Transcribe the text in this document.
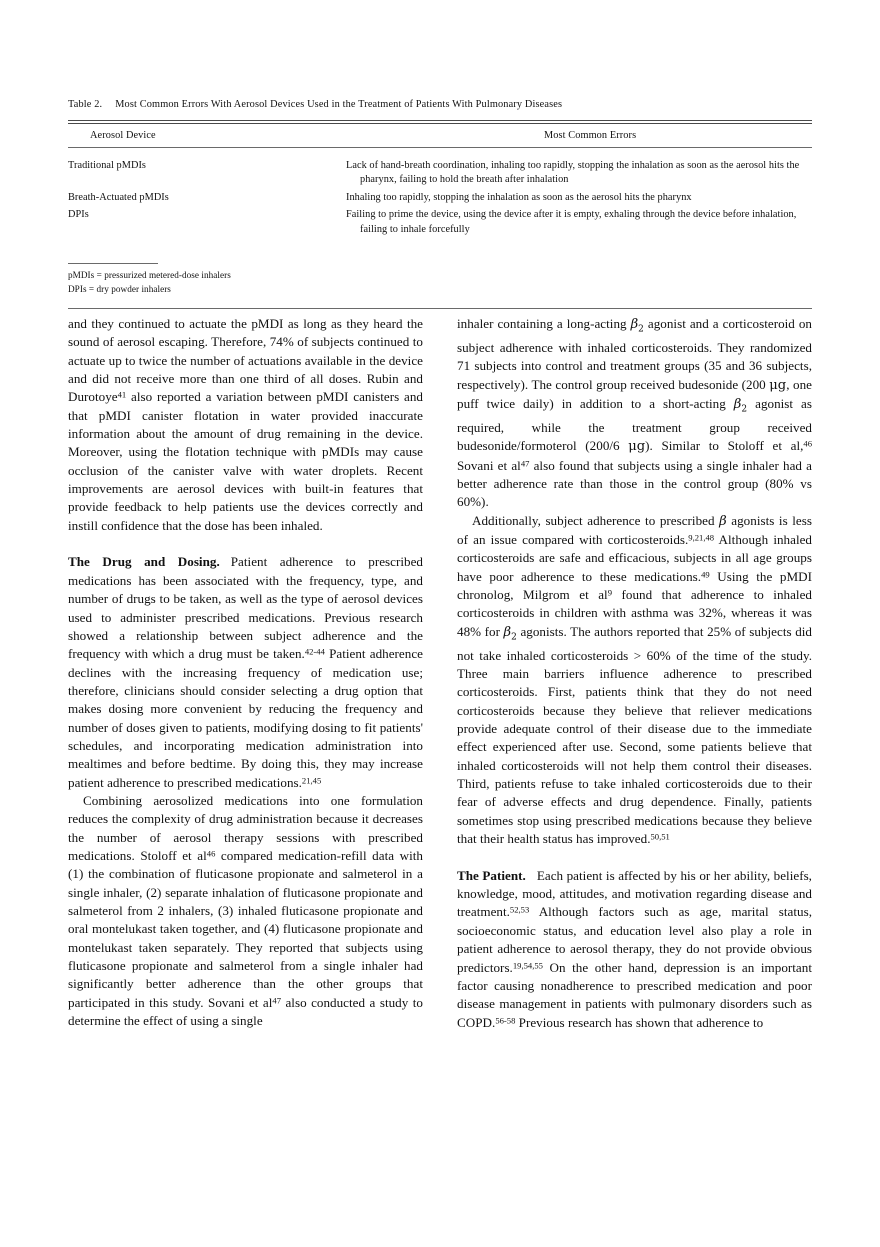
Table 2. Most Common Errors With Aerosol Devices Used in the Treatment of Patients With Pulmonary Diseases
Aerosol Device	Most Common Errors

Traditional pMDIs	Lack of hand-breath coordination, inhaling too rapidly, stopping the inhalation as soon as the aerosol hits the pharynx, failing to hold the breath after inhalation

Breath-Actuated pMDIs	Inhaling too rapidly, stopping the inhalation as soon as the aerosol hits the pharynx

DPIs	Failing to prime the device, using the device after it is empty, exhaling through the device before inhalation, failing to inhale forcefully

pMDIs = pressurized metered-dose inhalers
DPIs = dry powder inhalers

and they continued to actuate the pMDI as long as they heard the sound of aerosol escaping. Therefore, 74% of subjects continued to actuate up to twice the number of actuations available in the device and did not receive more than one third of all doses. Rubin and Durotoye$^{41}$ also reported a variation between pMDI canisters and that pMDI canister flotation in water provided inaccurate information about the amount of drug remaining in the device. Moreover, using the flotation technique with pMDIs may cause occlusion of the canister valve with water droplets. Recent improvements are aerosol devices with built-in features that provide feedback to help patients use the devices correctly and instill confidence that the dose has been inhaled.

The Drug and Dosing. Patient adherence to prescribed medications has been associated with the frequency, type, and number of drugs to be taken, as well as the type of aerosol devices used to administer prescribed medications. Previous research showed a relationship between subject adherence and the frequency with which a drug must be taken.$^{42-44}$ Patient adherence declines with the increasing frequency of medication use; therefore, clinicians should consider selecting a drug option that makes dosing more convenient by reducing the frequency and number of doses given to patients, modifying dosing to fit patients' schedules, and incorporating medication administration into mealtimes and before bedtime. By doing this, they may increase patient adherence to prescribed medications.$^{21,45}$

Combining aerosolized medications into one formulation reduces the complexity of drug administration because it decreases the number of aerosol therapy sessions with prescribed medications. Stoloff et $al^{46}$ compared medication-refill data with (1) the combination of fluticasone propionate and salmeterol in a single inhaler, (2) separate inhalation of fluticasone propionate and salmeterol from 2 inhalers, (3) inhaled fluticasone propionate and oral montelukast taken together, and (4) fluticasone propionate and montelukast taken separately. They reported that subjects using fluticasone propionate and salmeterol from a single inhaler had significantly better adherence than the other groups that participated in this study. Sovani et $al^{47}$ also conducted a study to determine the effect of using a single

inhaler containing a long-acting $\beta_2$ agonist and a corticosteroid on subject adherence with inhaled corticosteroids. They randomized 71 subjects into control and treatment groups (35 and 36 subjects, respectively). The control group received budesonide (200 μg, one puff twice daily) in addition to a short-acting $\beta_2$ agonist as required, while the treatment group received budesonide/formoterol (200/6 μg). Similar to Stoloff et al,$^{46}$ Sovani et $al^{47}$ also found that subjects using a single inhaler had a better adherence rate than those in the control group (80% vs 60%).

Additionally, subject adherence to prescribed β agonists is less of an issue compared with corticosteroids.$^{9,21,48}$ Although inhaled corticosteroids are safe and efficacious, subjects in all age groups have poor adherence to these medications.$^{49}$ Using the pMDI chronolog, Milgrom et $al^9$ found that adherence to inhaled corticosteroids in children with asthma was 32%, whereas it was 48% for $\beta_2$ agonists. The authors reported that 25% of subjects did not take inhaled corticosteroids > 60% of the time of the study. Three main barriers influence adherence to prescribed corticosteroids. First, patients think that they do not need corticosteroids because they believe that reliever medications provide adequate control of their disease due to the immediate effect experienced after use. Second, some patients believe that inhaled corticosteroids will not help them control their diseases. Third, patients refuse to take inhaled corticosteroids due to their fear of adverse effects and drug dependence. Finally, patients sometimes stop using prescribed medications because they believe that their health status has improved.$^{50,51}$

The Patient. Each patient is affected by his or her ability, beliefs, knowledge, mood, attitudes, and motivation regarding disease and treatment.$^{52,53}$ Although factors such as age, marital status, socioeconomic status, and education level also play a role in patient adherence to aerosol therapy, they do not provide obvious predictors.$^{19,54,55}$ On the other hand, depression is an important factor causing nonadherence to prescribed medication and poor disease management in patients with pulmonary disorders such as COPD.$^{56-58}$ Previous research has shown that adherence to
